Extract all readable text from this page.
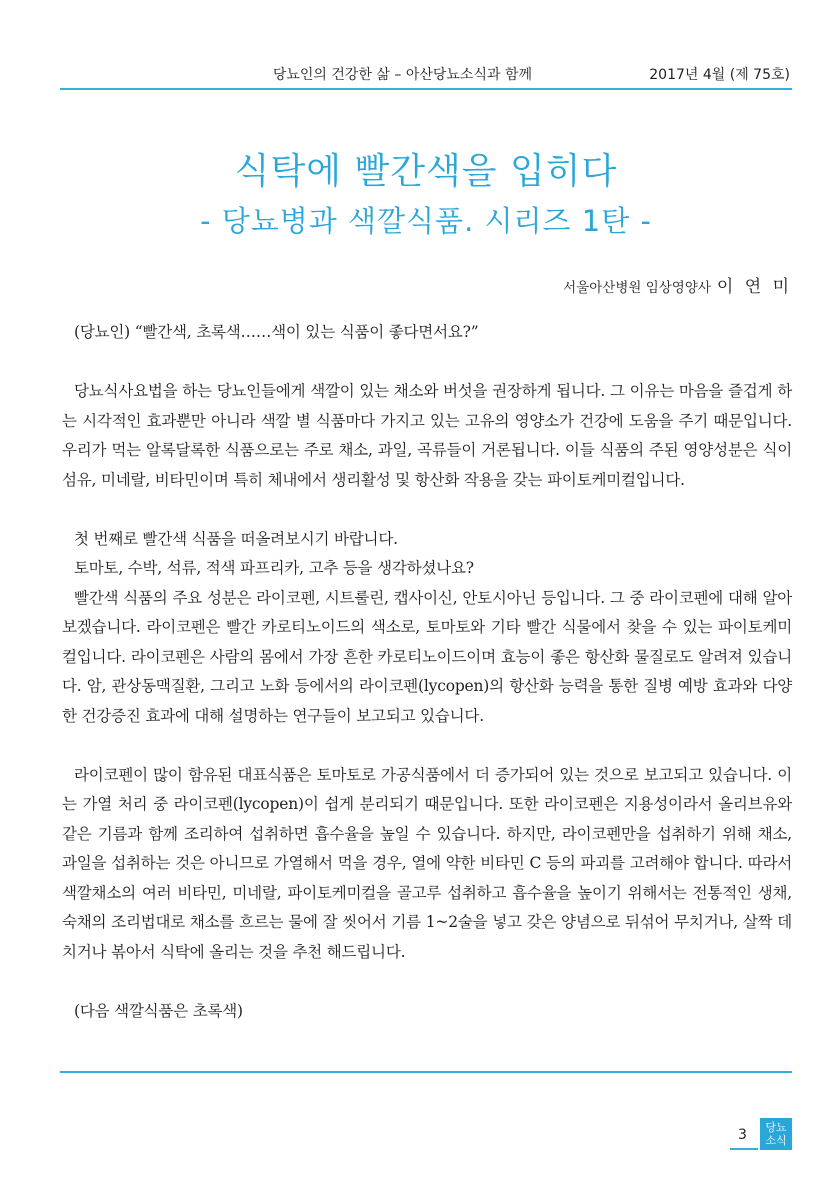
당뇨인의 건강한 삶 – 아산당뇨소식과 함께	2017년 4월 (제 75호)
식탁에 빨간색을 입히다
- 당뇨병과 색깔식품. 시리즈 1탄 -
서울아산병원 임상영양사 이 연 미

(당뇨인) “빨간색, 초록색……색이 있는 식품이 좋다면서요?”

당뇨식사요법을 하는 당뇨인들에게 색깔이 있는 채소와 버섯을 권장하게 됩니다. 그 이유는 마음을 즐겁게 하는 시각적인 효과뿐만 아니라 색깔 별 식품마다 가지고 있는 고유의 영양소가 건강에 도움을 주기 때문입니다. 우리가 먹는 알록달록한 식품으로는 주로 채소, 과일, 곡류들이 거론됩니다. 이들 식품의 주된 영양성분은 식이섬유, 미네랄, 비타민이며 특히 체내에서 생리활성 및 항산화 작용을 갖는 파이토케미컬입니다.

첫 번째로 빨간색 식품을 떠올려보시기 바랍니다.

토마토, 수박, 석류, 적색 파프리카, 고추 등을 생각하셨나요?

빨간색 식품의 주요 성분은 라이코펜, 시트룰린, 캡사이신, 안토시아닌 등입니다. 그 중 라이코펜에 대해 알아보겠습니다. 라이코펜은 빨간 카로티노이드의 색소로, 토마토와 기타 빨간 식물에서 찾을 수 있는 파이토케미컬입니다. 라이코펜은 사람의 몸에서 가장 흔한 카로티노이드이며 효능이 좋은 항산화 물질로도 알려져 있습니다. 암, 관상동맥질환, 그리고 노화 등에서의 라이코펜(lycopen)의 항산화 능력을 통한 질병 예방 효과와 다양한 건강증진 효과에 대해 설명하는 연구들이 보고되고 있습니다.

라이코펜이 많이 함유된 대표식품은 토마토로 가공식품에서 더 증가되어 있는 것으로 보고되고 있습니다. 이는 가열 처리 중 라이코펜(lycopen)이 쉽게 분리되기 때문입니다. 또한 라이코펜은 지용성이라서 올리브유와 같은 기름과 함께 조리하여 섭취하면 흡수율을 높일 수 있습니다. 하지만, 라이코펜만을 섭취하기 위해 채소, 과일을 섭취하는 것은 아니므로 가열해서 먹을 경우, 열에 약한 비타민 C 등의 파괴를 고려해야 합니다. 따라서 색깔채소의 여러 비타민, 미네랄, 파이토케미컬을 골고루 섭취하고 흡수율을 높이기 위해서는 전통적인 생채, 숙채의 조리법대로 채소를 흐르는 물에 잘 씻어서 기름 1~2술을 넣고 갖은 양념으로 뒤섞어 무치거나, 살짝 데치거나 볶아서 식탁에 올리는 것을 추천 해드립니다.

(다음 색깔식품은 초록색)

3 당뇨
소식
